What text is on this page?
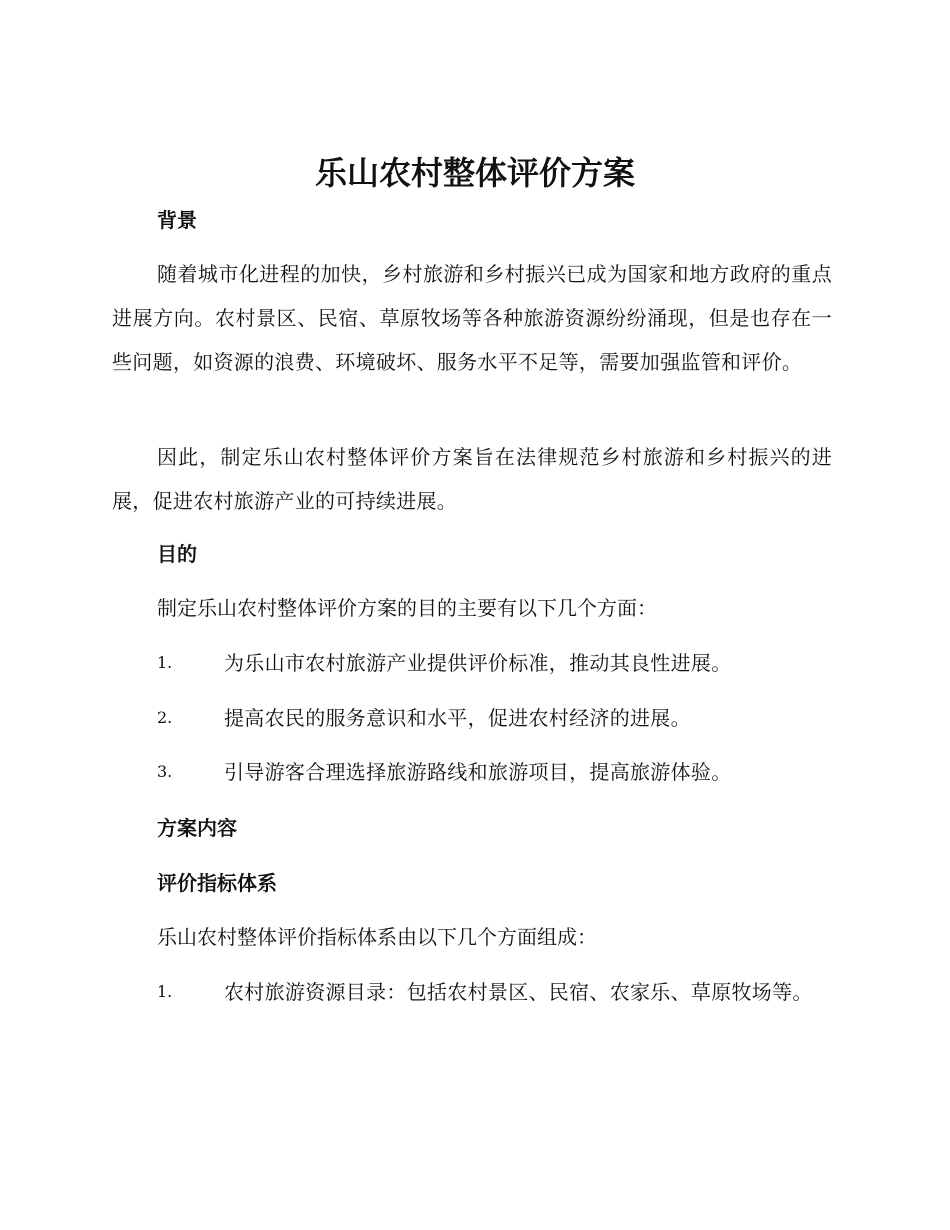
乐山农村整体评价方案
背景

随着城市化进程的加快，乡村旅游和乡村振兴已成为国家和地方政府的重点进展方向。农村景区、民宿、草原牧场等各种旅游资源纷纷涌现，但是也存在一些问题，如资源的浪费、环境破坏、服务水平不足等，需要加强监管和评价。

因此，制定乐山农村整体评价方案旨在法律规范乡村旅游和乡村振兴的进展，促进农村旅游产业的可持续进展。

目的

制定乐山农村整体评价方案的目的主要有以下几个方面：

1.	为乐山市农村旅游产业提供评价标准，推动其良性进展。
2.	提高农民的服务意识和水平，促进农村经济的进展。
3.	引导游客合理选择旅游路线和旅游项目，提高旅游体验。
方案内容
评价指标体系

乐山农村整体评价指标体系由以下几个方面组成：

1.	农村旅游资源目录：包括农村景区、民宿、农家乐、草原牧场等。
